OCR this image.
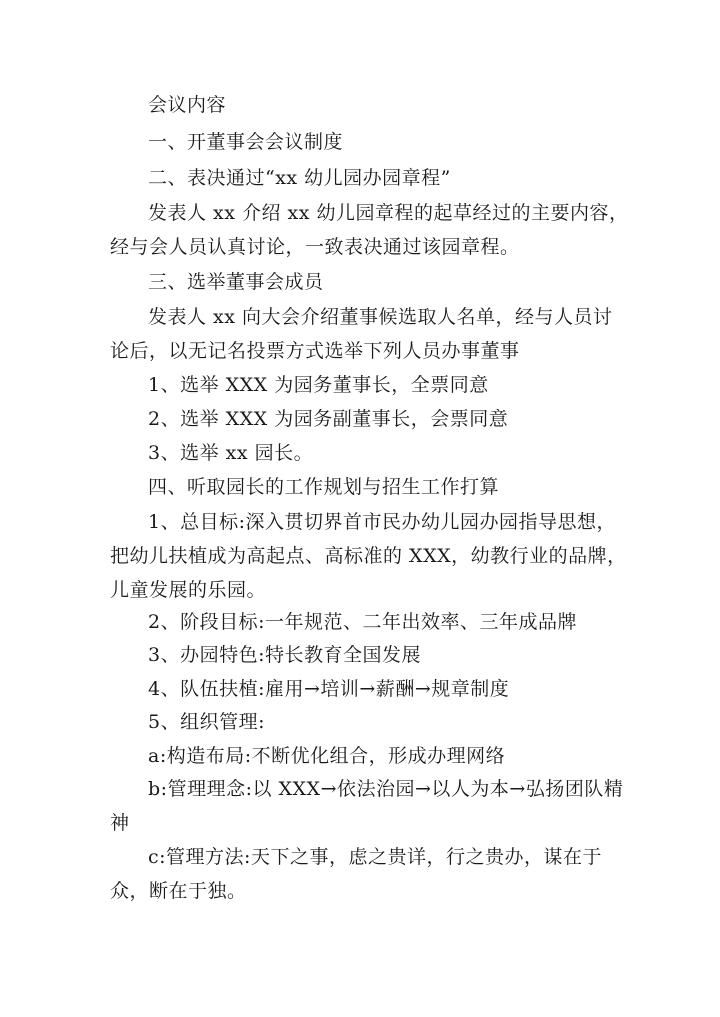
会议内容
一、开董事会会议制度
二、表决通过“xx 幼儿园办园章程”
发表人 xx 介绍 xx 幼儿园章程的起草经过的主要内容，经与会人员认真讨论，一致表决通过该园章程。
三、选举董事会成员
发表人 xx 向大会介绍董事候选取人名单，经与人员讨论后，以无记名投票方式选举下列人员办事董事
1、选举 XXX 为园务董事长，全票同意
2、选举 XXX 为园务副董事长，会票同意
3、选举 xx 园长。
四、听取园长的工作规划与招生工作打算
1、总目标:深入贯切界首市民办幼儿园办园指导思想，把幼儿扶植成为高起点、高标准的 XXX，幼教行业的品牌，儿童发展的乐园。
2、阶段目标:一年规范、二年出效率、三年成品牌
3、办园特色:特长教育全国发展
4、队伍扶植:雇用→培训→薪酬→规章制度
5、组织管理:
a:构造布局:不断优化组合，形成办理网络
b:管理理念:以 XXX→依法治园→以人为本→弘扬团队精神
c:管理方法:天下之事，虑之贵详，行之贵办，谋在于众，断在于独。
